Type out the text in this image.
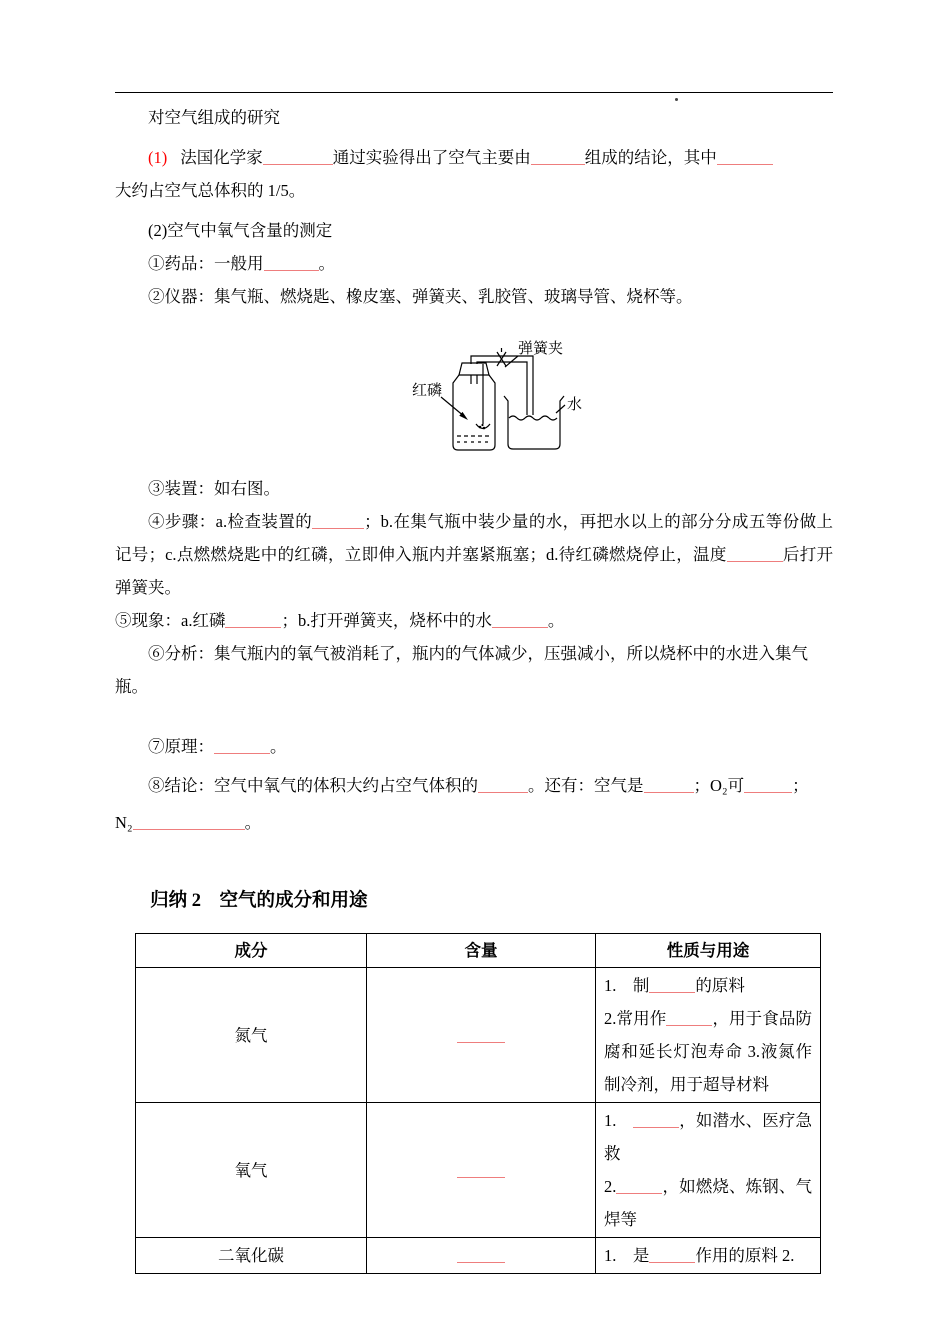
对空气组成的研究

(1) 法国化学家	通过实验得出了空气主要由	组成的结论，其中

大约占空气总体积的 1/5。

(2)空气中氧气含量的测定

①药品：一般用	。

②仪器：集气瓶、燃烧匙、橡皮塞、弹簧夹、乳胶管、玻璃导管、烧杯等。

弹簧夹
红磷
水

③装置：如右图。

④步骤：a.检查装置的	；b.在集气瓶中装少量的水，再把水以上的部分分成五等份做上记号；c.点燃燃烧匙中的红磷，立即伸入瓶内并塞紧瓶塞；d.待红磷燃烧停止，温度	后打开弹簧夹。

⑤现象：a.红磷	；b.打开弹簧夹，烧杯中的水	。

⑥分析：集气瓶内的氧气被消耗了，瓶内的气体减少，压强减小，所以烧杯中的水进入集气瓶。

⑦原理：	。

⑧结论：空气中氧气的体积大约占空气体积的	。还有：空气是	；O₂可	；

N₂	。

归纳 2　空气的成分和用途

成分	含量	性质与用途
氮气		1.　制 的原料
2.常用作 ，用于食品防腐和延长灯泡寿命 3.液氮作制冷剂，用于超导材料

氧气		1.　 ，如潜水、医疗急救
2. ，如燃烧、炼钢、气焊等

二氧化碳		1.　是 作用的原料 2.
